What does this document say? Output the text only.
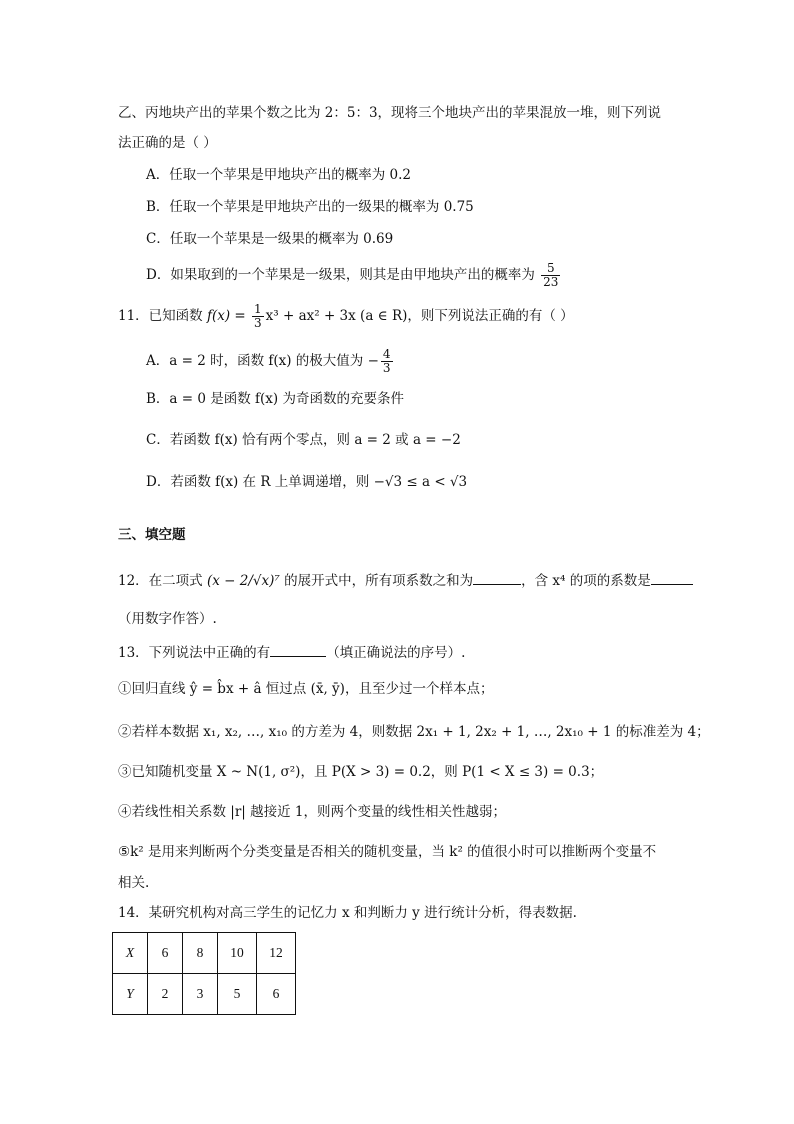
乙、丙地块产出的苹果个数之比为 2：5：3，现将三个地块产出的苹果混放一堆，则下列说
法正确的是（ ）
A．任取一个苹果是甲地块产出的概率为 0.2
B．任取一个苹果是甲地块产出的一级果的概率为 0.75
C．任取一个苹果是一级果的概率为 0.69
D．如果取到的一个苹果是一级果，则其是由甲地块产出的概率为 $\frac{5}{23}$
11．已知函数 $f(x) = \frac{1}{3} x^3 + ax^2 + 3x$ (a ∈ R)，则下列说法正确的有（ ）
A．a = 2 时，函数 f(x) 的极大值为 − $\frac{4}{3}$
B．a = 0 是函数 f(x) 为奇函数的充要条件
C．若函数 f(x) 恰有两个零点，则 a = 2 或 a = −2
D．若函数 f(x) 在 R 上单调递增，则 −√3 ≤ a < √3
三、填空题
12．在二项式 (x − 2/√x)⁷ 的展开式中，所有项系数之和为	，含 x⁴ 的项的系数是
（用数字作答）.
13．下列说法中正确的有	（填正确说法的序号）.
①回归直线 ŷ = b̂x + â 恒过点 (x̄, ȳ)，且至少过一个样本点；
②若样本数据 x₁, x₂, …, x₁₀ 的方差为 4，则数据 2x₁ + 1, 2x₂ + 1, …, 2x₁₀ + 1 的标准差为 4；
③已知随机变量 X ~ N(1, σ²)，且 P(X > 3) = 0.2，则 P(1 < X ≤ 3) = 0.3；
④若线性相关系数 |r| 越接近 1，则两个变量的线性相关性越弱；
⑤k² 是用来判断两个分类变量是否相关的随机变量，当 k² 的值很小时可以推断两个变量不
相关.
14．某研究机构对高三学生的记忆力 x 和判断力 y 进行统计分析，得表数据.
X	6	8	10	12
Y	2	3	5	6
